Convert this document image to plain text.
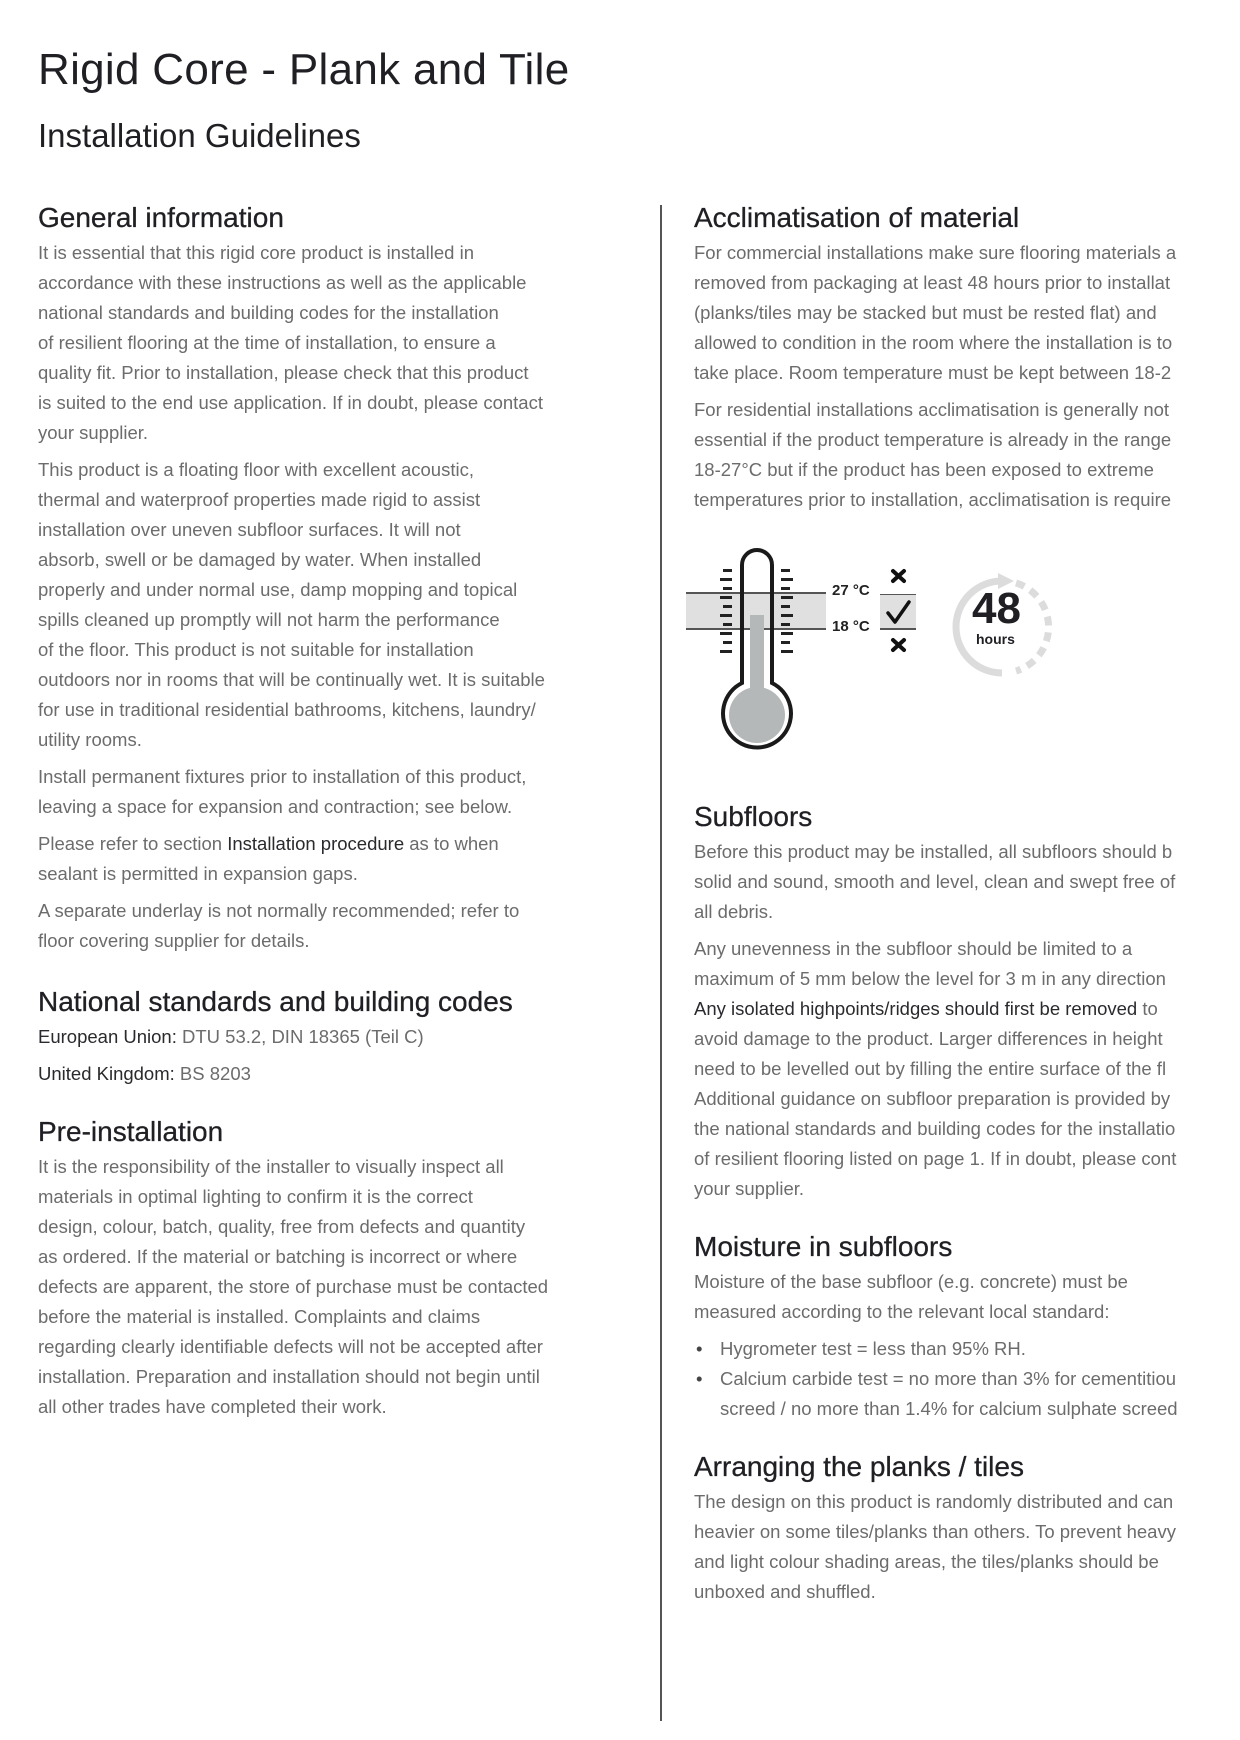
Rigid Core - Plank and Tile
Installation Guidelines
General information

It is essential that this rigid core product is installed in
accordance with these instructions as well as the applicable
national standards and building codes for the installation
of resilient flooring at the time of installation, to ensure a
quality fit. Prior to installation, please check that this product
is suited to the end use application. If in doubt, please contact
your supplier.

This product is a floating floor with excellent acoustic,
thermal and waterproof properties made rigid to assist
installation over uneven subfloor surfaces. It will not
absorb, swell or be damaged by water. When installed
properly and under normal use, damp mopping and topical
spills cleaned up promptly will not harm the performance
of the floor. This product is not suitable for installation
outdoors nor in rooms that will be continually wet. It is suitable
for use in traditional residential bathrooms, kitchens, laundry/
utility rooms.

Install permanent fixtures prior to installation of this product,
leaving a space for expansion and contraction; see below.

Please refer to section Installation procedure as to when
sealant is permitted in expansion gaps.

A separate underlay is not normally recommended; refer to
floor covering supplier for details.

National standards and building codes

European Union: DTU 53.2, DIN 18365 (Teil C)

United Kingdom: BS 8203

Pre-installation

It is the responsibility of the installer to visually inspect all
materials in optimal lighting to confirm it is the correct
design, colour, batch, quality, free from defects and quantity
as ordered. If the material or batching is incorrect or where
defects are apparent, the store of purchase must be contacted
before the material is installed. Complaints and claims
regarding clearly identifiable defects will not be accepted after
installation. Preparation and installation should not begin until
all other trades have completed their work.

Acclimatisation of material

For commercial installations make sure flooring materials a
removed from packaging at least 48 hours prior to installat
(planks/tiles may be stacked but must be rested flat) and
allowed to condition in the room where the installation is to
take place. Room temperature must be kept between 18-2

For residential installations acclimatisation is generally not
essential if the product temperature is already in the range
18-27°C but if the product has been exposed to extreme
temperatures prior to installation, acclimatisation is require

27 °C
18 °C 48
hours
Subfloors

Before this product may be installed, all subfloors should b
solid and sound, smooth and level, clean and swept free of
all debris.

Any unevenness in the subfloor should be limited to a
maximum of 5 mm below the level for 3 m in any direction
Any isolated highpoints/ridges should first be removed to
avoid damage to the product. Larger differences in height
need to be levelled out by filling the entire surface of the fl
Additional guidance on subfloor preparation is provided by
the national standards and building codes for the installatio
of resilient flooring listed on page 1. If in doubt, please cont
your supplier.

Moisture in subfloors

Moisture of the base subfloor (e.g. concrete) must be
measured according to the relevant local standard:

• Hygrometer test = less than 95% RH.
• Calcium carbide test = no more than 3% for cementitiou
screed / no more than 1.4% for calcium sulphate screed
Arranging the planks / tiles

The design on this product is randomly distributed and can
heavier on some tiles/planks than others. To prevent heavy
and light colour shading areas, the tiles/planks should be
unboxed and shuffled.
